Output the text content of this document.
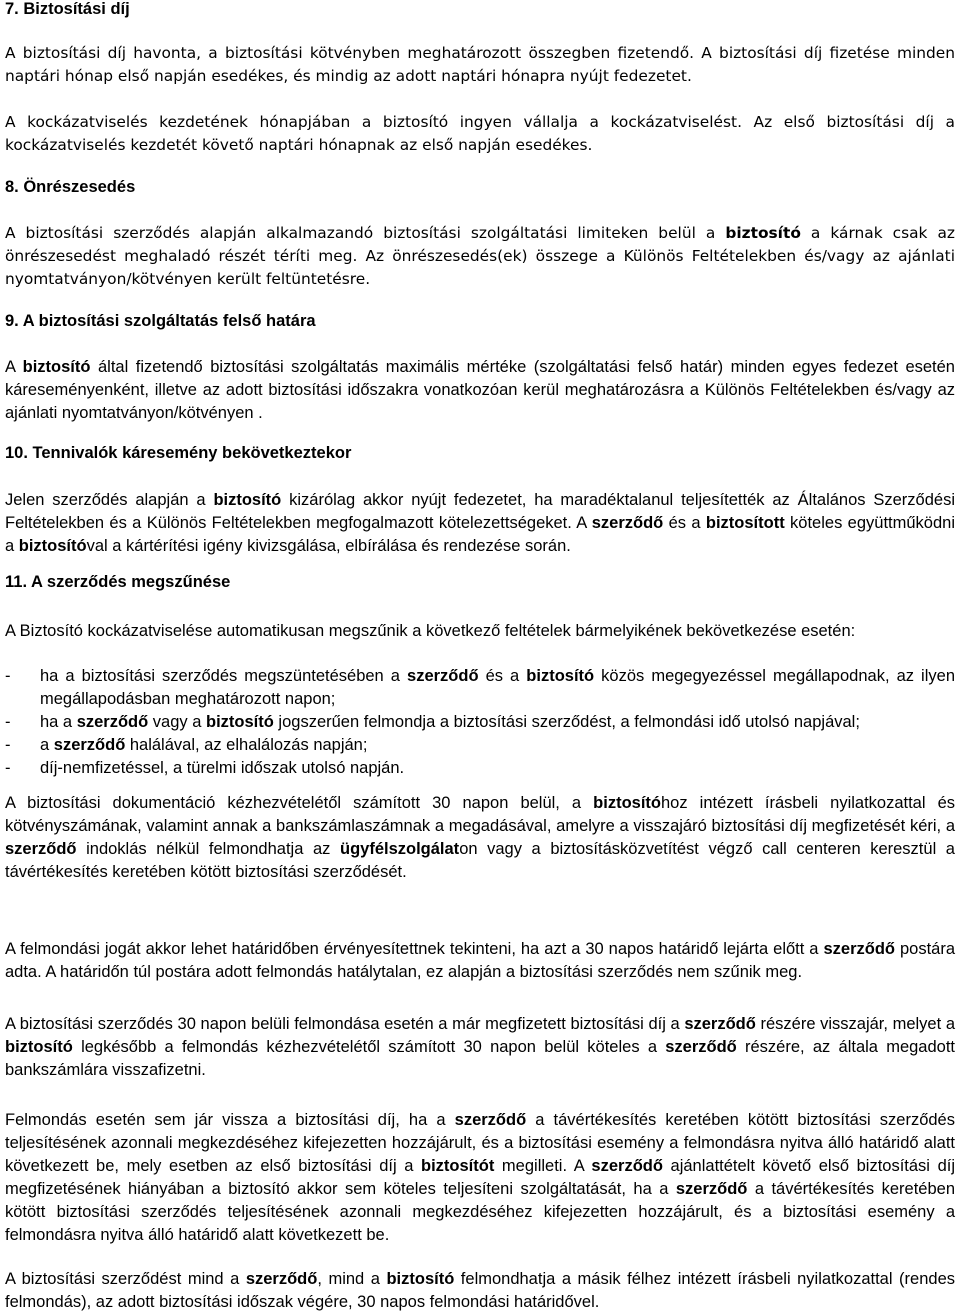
7. Biztosítási díj

A biztosítási díj havonta, a biztosítási kötvényben meghatározott összegben fizetendő. A biztosítási díj fizetése minden naptári hónap első napján esedékes, és mindig az adott naptári hónapra nyújt fedezetet.

A kockázatviselés kezdetének hónapjában a biztosító ingyen vállalja a kockázatviselést. Az első biztosítási díj a kockázatviselés kezdetét követő naptári hónapnak az első napján esedékes.

8. Önrészesedés

A biztosítási szerződés alapján alkalmazandó biztosítási szolgáltatási limiteken belül a biztosító a kárnak csak az önrészesedést meghaladó részét téríti meg. Az önrészesedés(ek) összege a Különös Feltételekben és/vagy az ajánlati nyomtatványon/kötvényen került feltüntetésre.

9. A biztosítási szolgáltatás felső határa

A biztosító által fizetendő biztosítási szolgáltatás maximális mértéke (szolgáltatási felső határ) minden egyes fedezet esetén káreseményenként, illetve az adott biztosítási időszakra vonatkozóan kerül meghatározásra a Különös Feltételekben és/vagy az ajánlati nyomtatványon/kötvényen .

10. Tennivalók káresemény bekövetkeztekor

Jelen szerződés alapján a biztosító kizárólag akkor nyújt fedezetet, ha maradéktalanul teljesítették az Általános Szerződési Feltételekben és a Különös Feltételekben megfogalmazott kötelezettségeket. A szerződő és a biztosított köteles együttműködni a biztosítóval a kártérítési igény kivizsgálása, elbírálása és rendezése során.

11. A szerződés megszűnése

A Biztosító kockázatviselése automatikusan megszűnik a következő feltételek bármelyikének bekövetkezése esetén:

- ha a biztosítási szerződés megszüntetésében a szerződő és a biztosító közös megegyezéssel megállapodnak, az ilyen megállapodásban meghatározott napon;
- ha a szerződő vagy a biztosító jogszerűen felmondja a biztosítási szerződést, a felmondási idő utolsó napjával;
- a szerződő halálával, az elhalálozás napján;
- díj-nemfizetéssel, a türelmi időszak utolsó napján.

A biztosítási dokumentáció kézhezvételétől számított 30 napon belül, a biztosítóhoz intézett írásbeli nyilatkozattal és kötvényszámának, valamint annak a bankszámlaszámnak a megadásával, amelyre a visszajáró biztosítási díj megfizetését kéri, a szerződő indoklás nélkül felmondhatja az ügyfélszolgálaton vagy a biztosításközvetítést végző call centeren keresztül a távértékesítés keretében kötött biztosítási szerződését.

A felmondási jogát akkor lehet határidőben érvényesítettnek tekinteni, ha azt a 30 napos határidő lejárta előtt a szerződő postára adta. A határidőn túl postára adott felmondás hatálytalan, ez alapján a biztosítási szerződés nem szűnik meg.

A biztosítási szerződés 30 napon belüli felmondása esetén a már megfizetett biztosítási díj a szerződő részére visszajár, melyet a biztosító legkésőbb a felmondás kézhezvételétől számított 30 napon belül köteles a szerződő részére, az általa megadott bankszámlára visszafizetni.

Felmondás esetén sem jár vissza a biztosítási díj, ha a szerződő a távértékesítés keretében kötött biztosítási szerződés teljesítésének azonnali megkezdéséhez kifejezetten hozzájárult, és a biztosítási esemény a felmondásra nyitva álló határidő alatt következett be, mely esetben az első biztosítási díj a biztosítót megilleti. A szerződő ajánlattételt követő első biztosítási díj megfizetésének hiányában a biztosító akkor sem köteles teljesíteni szolgáltatását, ha a szerződő a távértékesítés keretében kötött biztosítási szerződés teljesítésének azonnali megkezdéséhez kifejezetten hozzájárult, és a biztosítási esemény a felmondásra nyitva álló határidő alatt következett be.

A biztosítási szerződést mind a szerződő, mind a biztosító felmondhatja a másik félhez intézett írásbeli nyilatkozattal (rendes felmondás), az adott biztosítási időszak végére, 30 napos felmondási határidővel.
